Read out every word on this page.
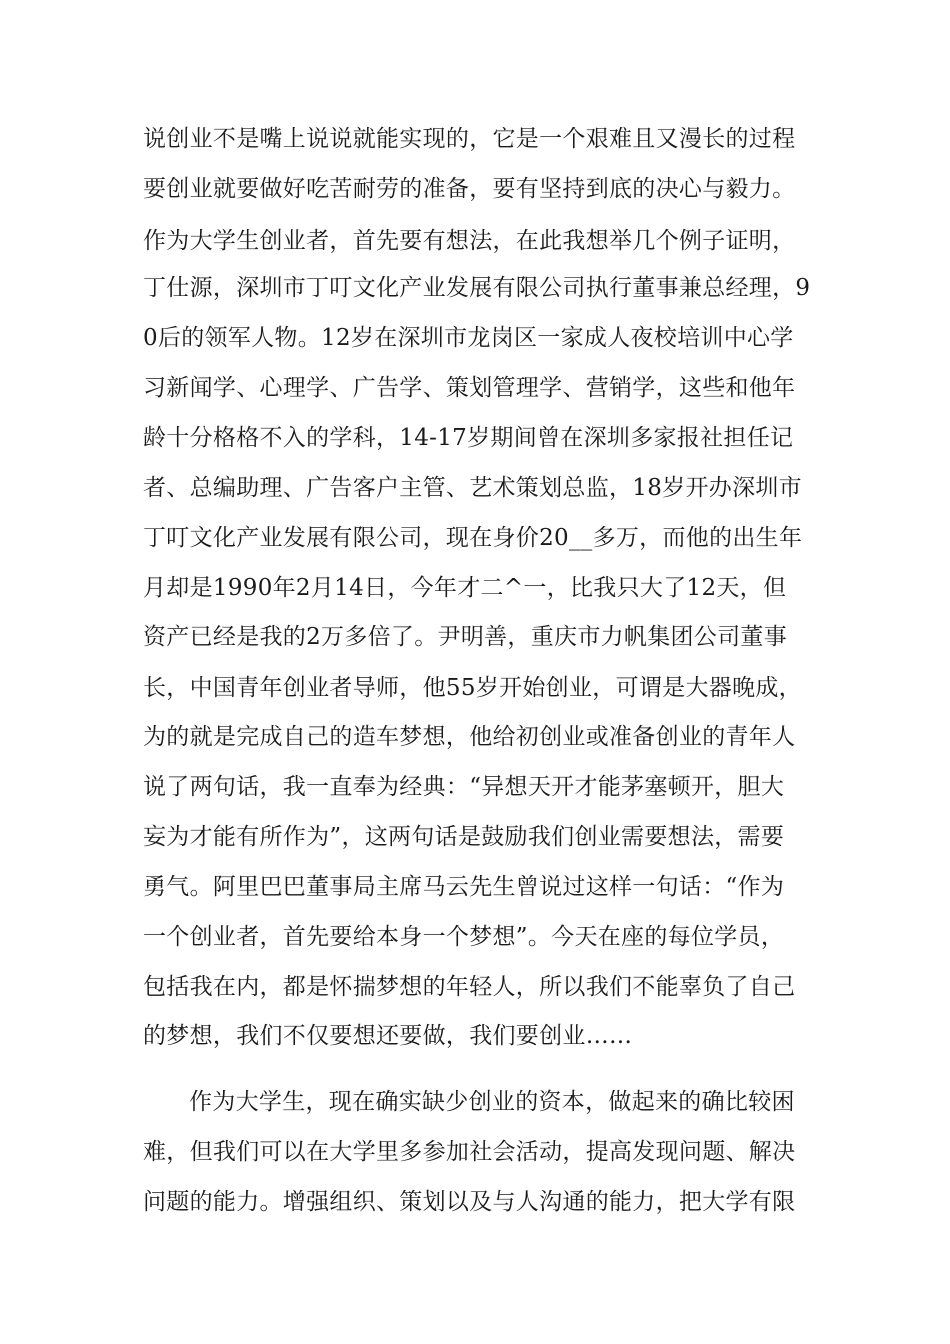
说创业不是嘴上说说就能实现的，它是一个艰难且又漫长的过程
要创业就要做好吃苦耐劳的准备，要有坚持到底的决心与毅力。
作为大学生创业者，首先要有想法，在此我想举几个例子证明，
丁仕源，深圳市丁叮文化产业发展有限公司执行董事兼总经理，9
0后的领军人物。12岁在深圳市龙岗区一家成人夜校培训中心学
习新闻学、心理学、广告学、策划管理学、营销学，这些和他年
龄十分格格不入的学科，14-17岁期间曾在深圳多家报社担任记
者、总编助理、广告客户主管、艺术策划总监，18岁开办深圳市
丁叮文化产业发展有限公司，现在身价20__多万，而他的出生年
月却是1990年2月14日，今年才二^一，比我只大了12天，但
资产已经是我的2万多倍了。尹明善，重庆市力帆集团公司董事
长，中国青年创业者导师，他55岁开始创业，可谓是大器晚成，
为的就是完成自己的造车梦想，他给初创业或准备创业的青年人
说了两句话，我一直奉为经典：“异想天开才能茅塞顿开，胆大
妄为才能有所作为”，这两句话是鼓励我们创业需要想法，需要
勇气。阿里巴巴董事局主席马云先生曾说过这样一句话：“作为
一个创业者，首先要给本身一个梦想”。今天在座的每位学员，
包括我在内，都是怀揣梦想的年轻人，所以我们不能辜负了自己
的梦想，我们不仅要想还要做，我们要创业……
作为大学生，现在确实缺少创业的资本，做起来的确比较困
难，但我们可以在大学里多参加社会活动，提高发现问题、解决
问题的能力。增强组织、策划以及与人沟通的能力，把大学有限
